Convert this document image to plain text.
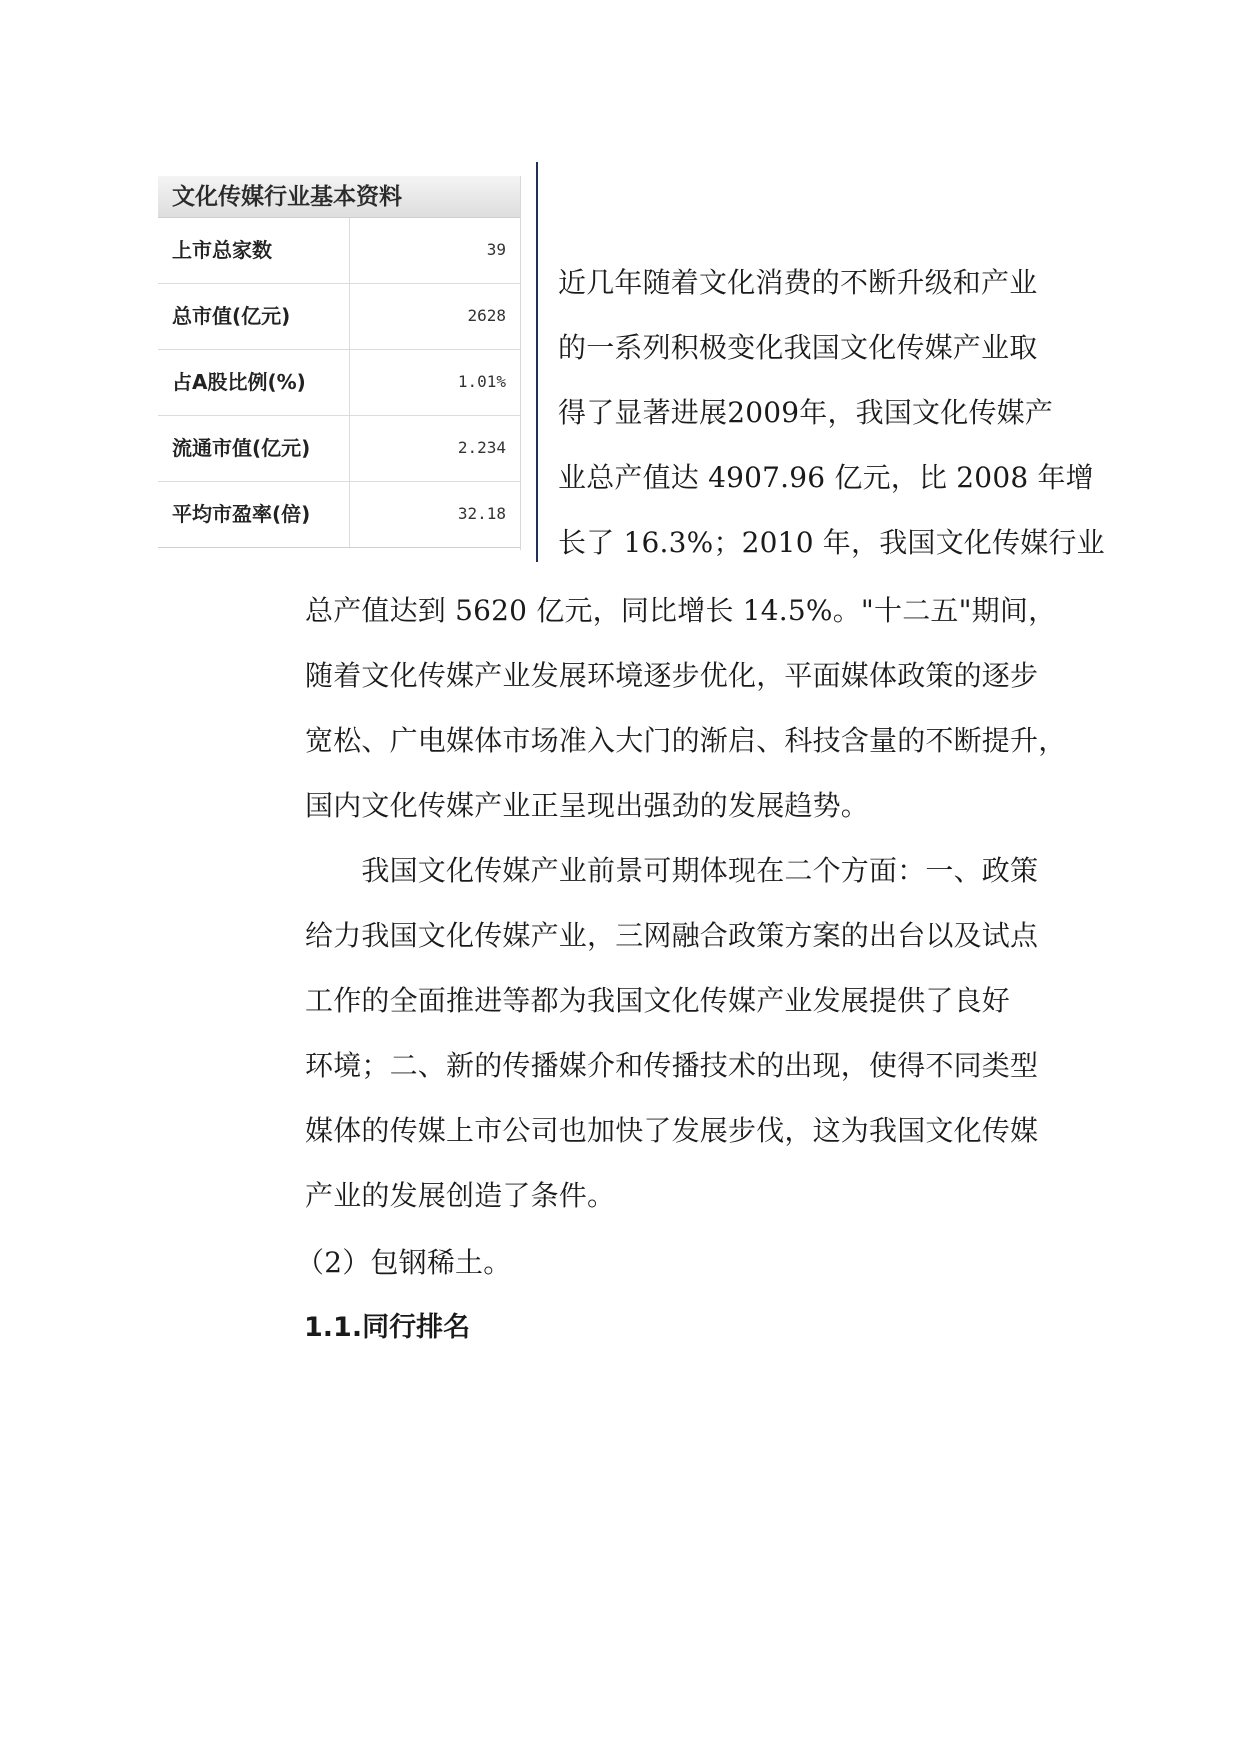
文化传媒行业基本资料
上市总家数	39
总市值(亿元)	2628
占A股比例(%)	1.01%
流通市值(亿元)	2.234
平均市盈率(倍)	32.18
近几年随着文化消费的不断升级和产业
的一系列积极变化我国文化传媒产业取
得了显著进展2009年，我国文化传媒产
业总产值达 4907.96 亿元，比 2008 年增
长了 16.3%；2010 年，我国文化传媒行业
总产值达到 5620 亿元，同比增长 14.5%。"十二五"期间，
随着文化传媒产业发展环境逐步优化，平面媒体政策的逐步
宽松、广电媒体市场准入大门的渐启、科技含量的不断提升，
国内文化传媒产业正呈现出强劲的发展趋势。
　　我国文化传媒产业前景可期体现在二个方面：一、政策
给力我国文化传媒产业，三网融合政策方案的出台以及试点
工作的全面推进等都为我国文化传媒产业发展提供了良好
环境；二、新的传播媒介和传播技术的出现，使得不同类型
媒体的传媒上市公司也加快了发展步伐，这为我国文化传媒
产业的发展创造了条件。
（2）包钢稀土。
1.1.同行排名
